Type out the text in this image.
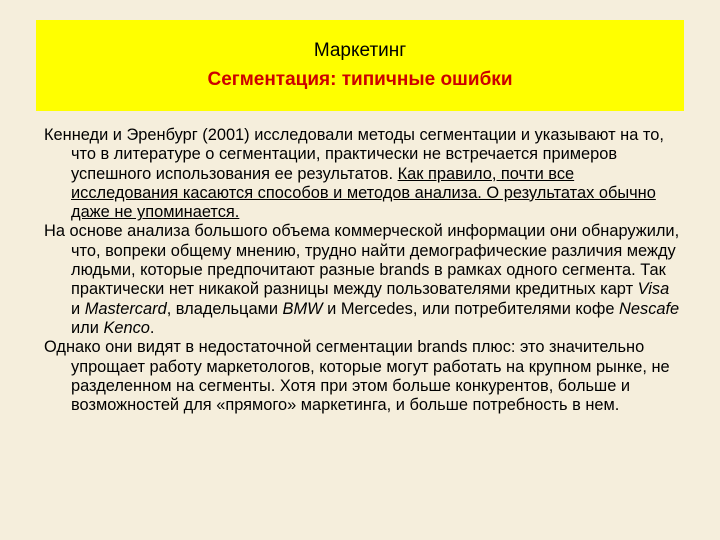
Маркетинг
Сегментация: типичные ошибки

Кеннеди и Эренбург (2001) исследовали методы сегментации и указывают на то, что в литературе о сегментации, практически не встречается примеров успешного использования ее результатов. Как правило, почти все исследования касаются способов и методов анализа. О результатах обычно даже не упоминается.

На основе анализа большого объема коммерческой информации они обнаружили, что, вопреки общему мнению, трудно найти демографические различия между людьми, которые предпочитают разные brands в рамках одного сегмента. Так практически нет никакой разницы между пользователями кредитных карт Visa и Mastercard, владельцами BMW и Mercedes, или потребителями кофе Nescafe или Kenco.

Однако они видят в недостаточной сегментации brands плюс: это значительно упрощает работу маркетологов, которые могут работать на крупном рынке, не разделенном на сегменты. Хотя при этом больше конкурентов, больше и возможностей для «прямого» маркетинга, и больше потребность в нем.
